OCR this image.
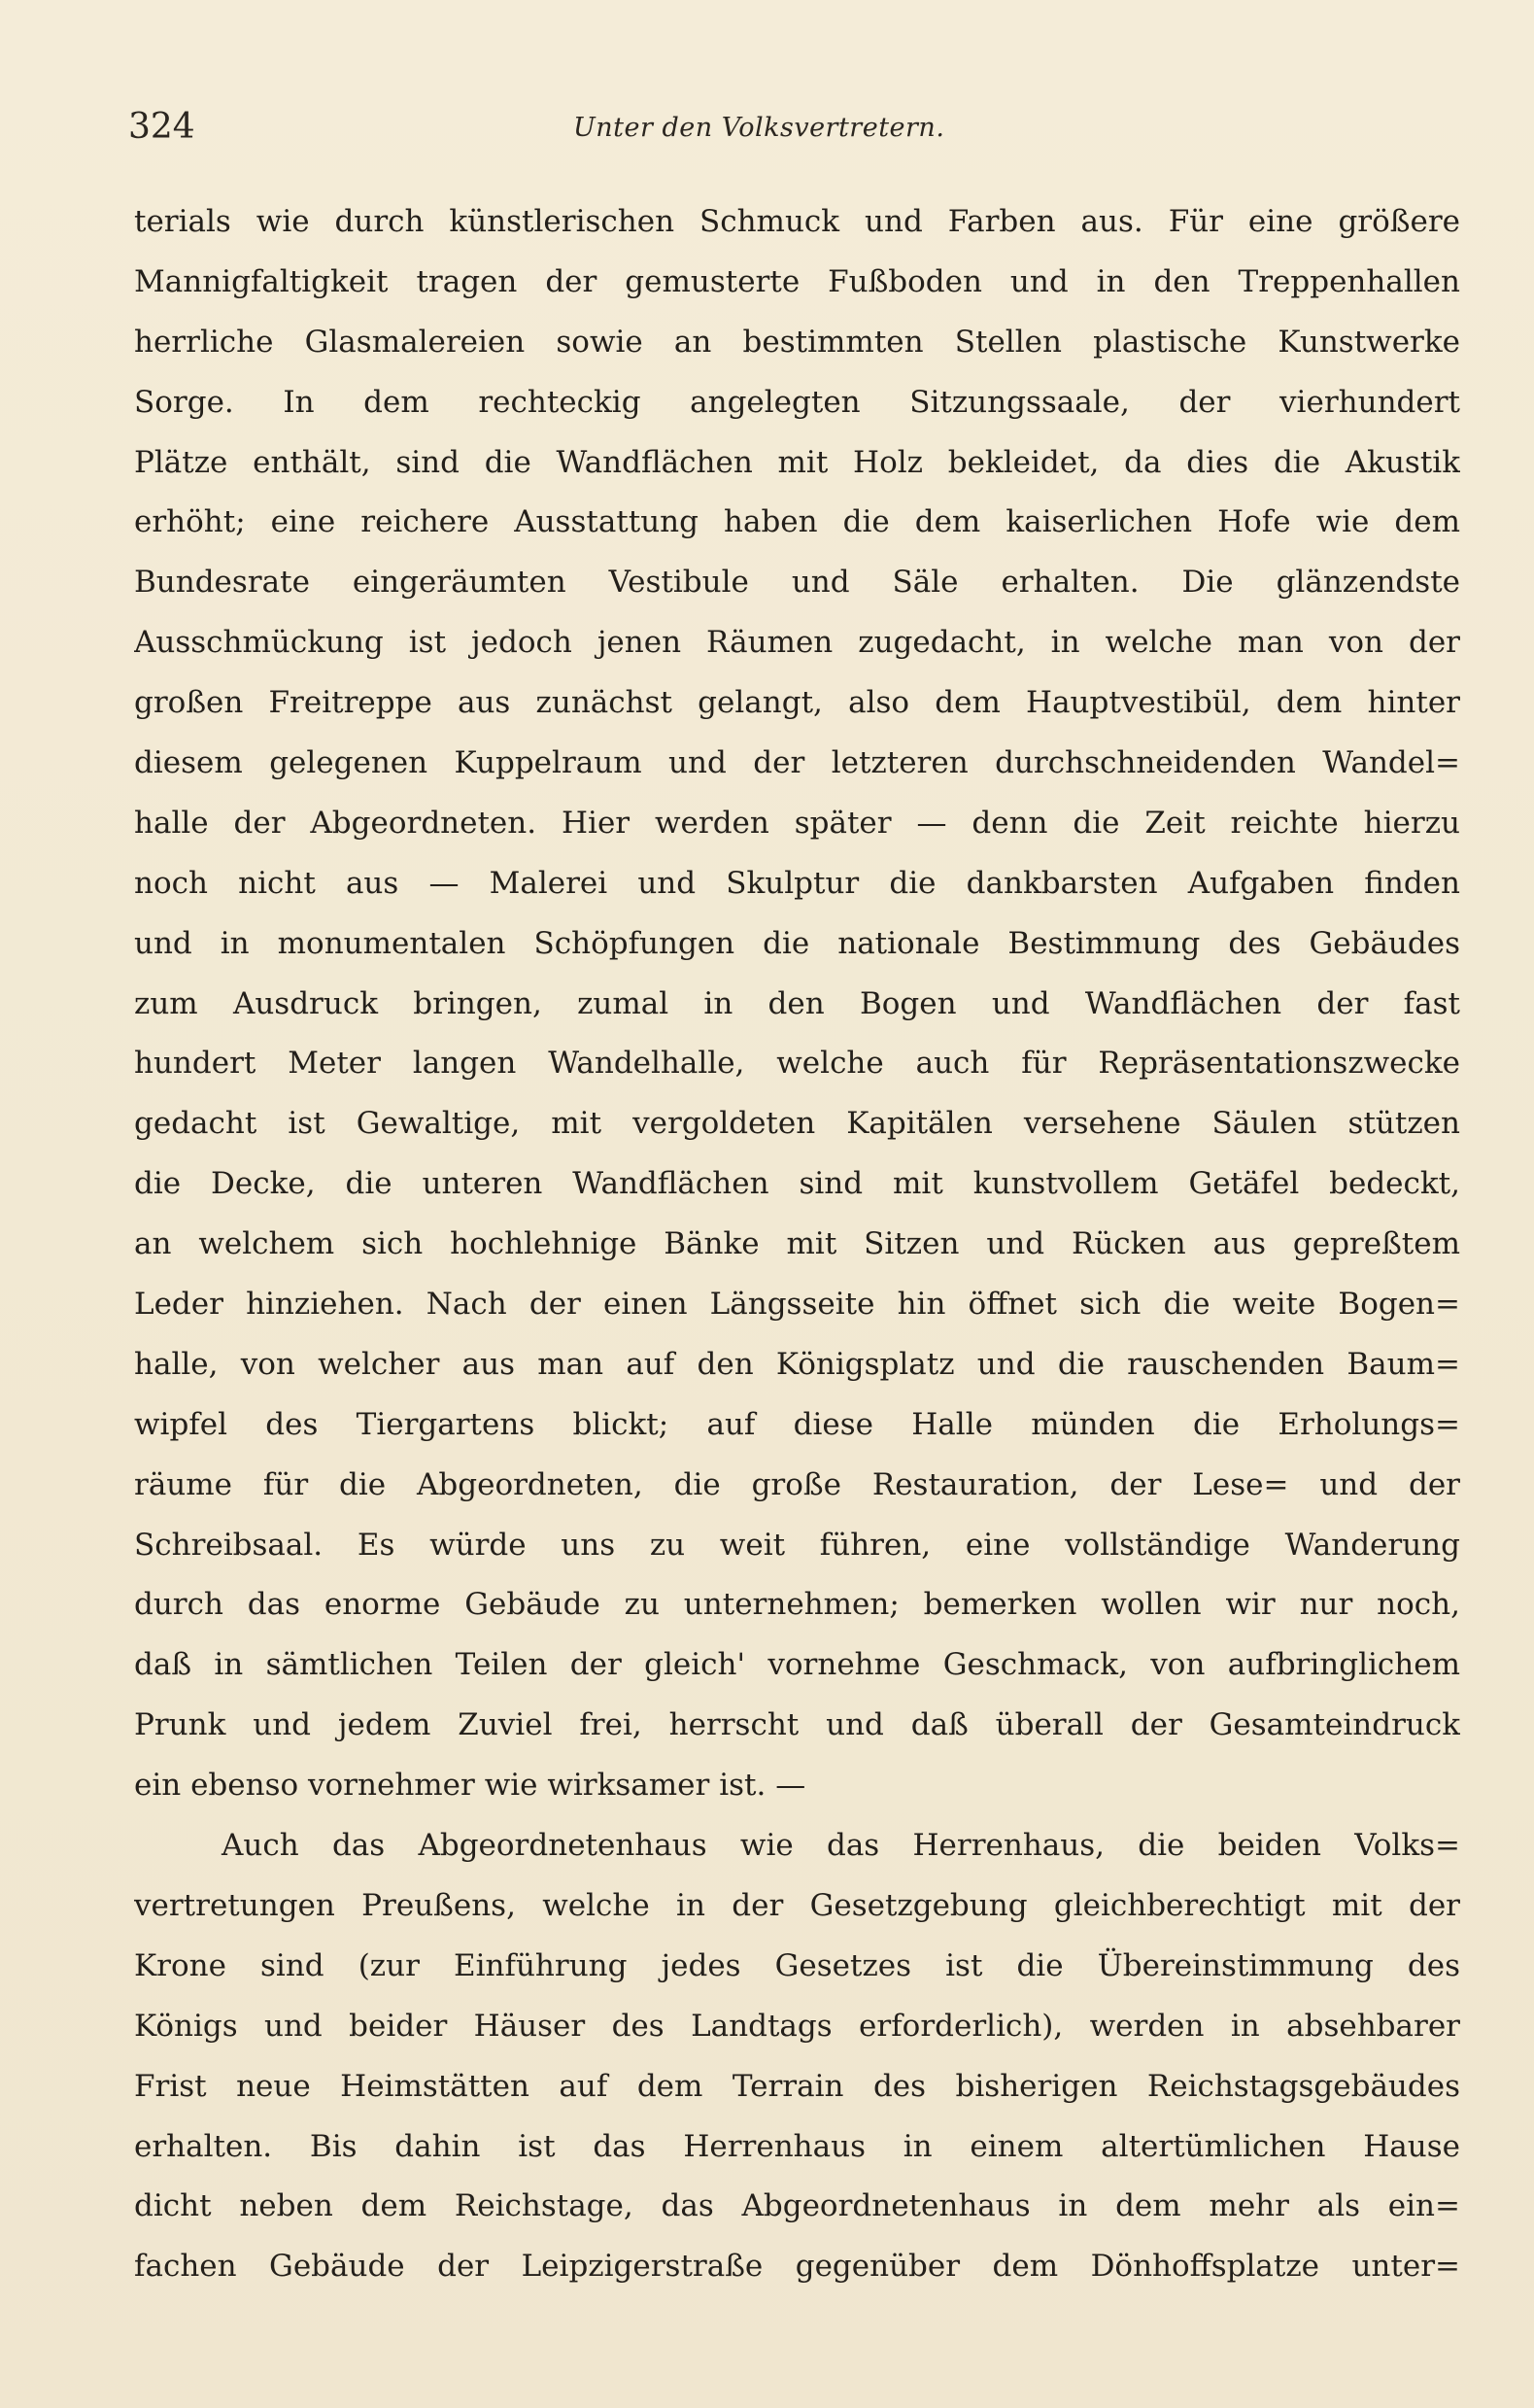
324	Unter den Volksvertretern.
terials wie durch künstlerischen Schmuck und Farben aus. Für eine größere
Mannigfaltigkeit tragen der gemusterte Fußboden und in den Treppenhallen
herrliche Glasmalereien sowie an bestimmten Stellen plastische Kunstwerke
Sorge. In dem rechteckig angelegten Sitzungssaale, der vierhundert
Plätze enthält, sind die Wandflächen mit Holz bekleidet, da dies die Akustik
erhöht; eine reichere Ausstattung haben die dem kaiserlichen Hofe wie dem
Bundesrate eingeräumten Vestibule und Säle erhalten. Die glänzendste
Ausschmückung ist jedoch jenen Räumen zugedacht, in welche man von der
großen Freitreppe aus zunächst gelangt, also dem Hauptvestibül, dem hinter
diesem gelegenen Kuppelraum und der letzteren durchschneidenden Wandel=
halle der Abgeordneten. Hier werden später — denn die Zeit reichte hierzu
noch nicht aus — Malerei und Skulptur die dankbarsten Aufgaben finden
und in monumentalen Schöpfungen die nationale Bestimmung des Gebäudes
zum Ausdruck bringen, zumal in den Bogen und Wandflächen der fast
hundert Meter langen Wandelhalle, welche auch für Repräsentationszwecke
gedacht ist Gewaltige, mit vergoldeten Kapitälen versehene Säulen stützen
die Decke, die unteren Wandflächen sind mit kunstvollem Getäfel bedeckt,
an welchem sich hochlehnige Bänke mit Sitzen und Rücken aus gepreßtem
Leder hinziehen. Nach der einen Längsseite hin öffnet sich die weite Bogen=
halle, von welcher aus man auf den Königsplatz und die rauschenden Baum=
wipfel des Tiergartens blickt; auf diese Halle münden die Erholungs=
räume für die Abgeordneten, die große Restauration, der Lese= und der
Schreibsaal. Es würde uns zu weit führen, eine vollständige Wanderung
durch das enorme Gebäude zu unternehmen; bemerken wollen wir nur noch,
daß in sämtlichen Teilen der gleich' vornehme Geschmack, von aufbringlichem
Prunk und jedem Zuviel frei, herrscht und daß überall der Gesamteindruck
ein ebenso vornehmer wie wirksamer ist. —
Auch das Abgeordnetenhaus wie das Herrenhaus, die beiden Volks=
vertretungen Preußens, welche in der Gesetzgebung gleichberechtigt mit der
Krone sind (zur Einführung jedes Gesetzes ist die Übereinstimmung des
Königs und beider Häuser des Landtags erforderlich), werden in absehbarer
Frist neue Heimstätten auf dem Terrain des bisherigen Reichstagsgebäudes
erhalten. Bis dahin ist das Herrenhaus in einem altertümlichen Hause
dicht neben dem Reichstage, das Abgeordnetenhaus in dem mehr als ein=
fachen Gebäude der Leipzigerstraße gegenüber dem Dönhoffsplatze unter=
